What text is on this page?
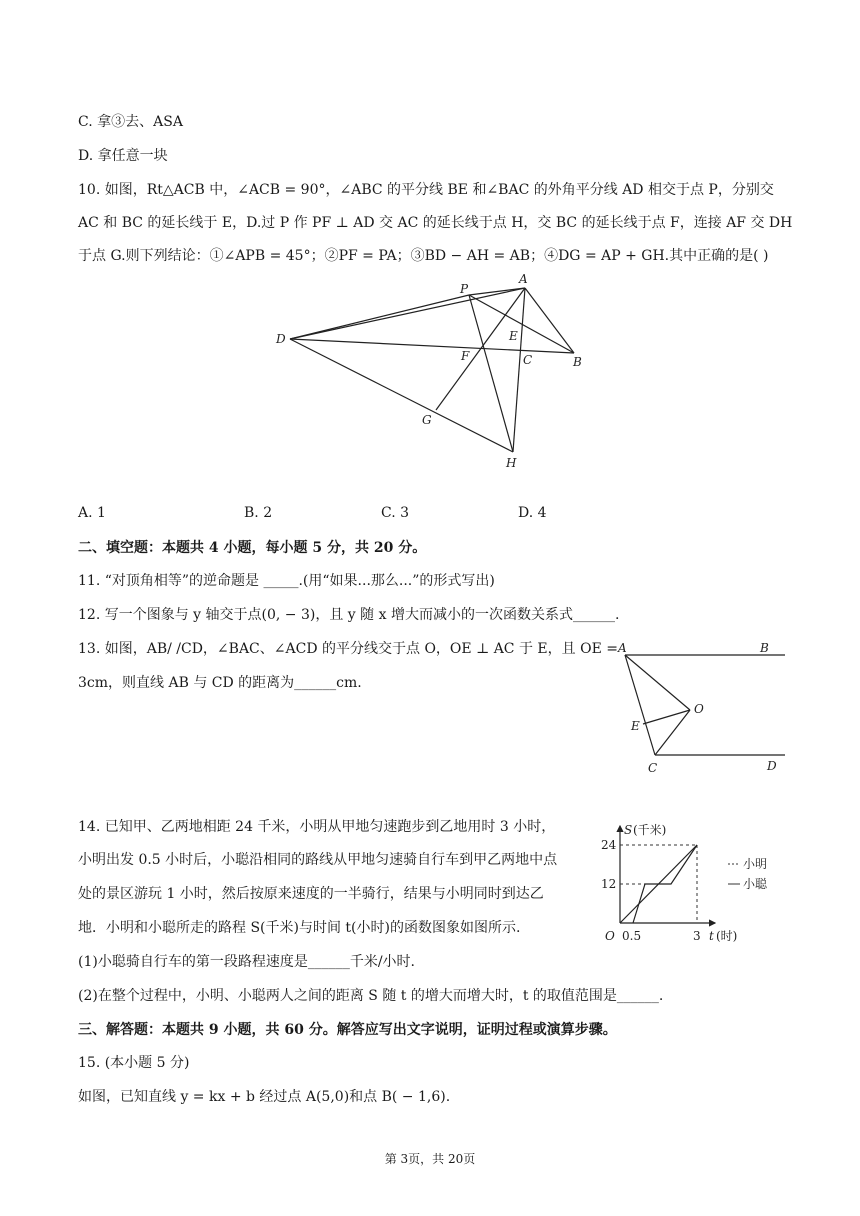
C. 拿③去、ASA
D. 拿任意一块
10. 如图，Rt△ACB 中，∠ACB = 90°，∠ABC 的平分线 BE 和∠BAC 的外角平分线 AD 相交于点 P，分别交
AC 和 BC 的延长线于 E，D.过 P 作 PF ⊥ AD 交 AC 的延长线于点 H，交 BC 的延长线于点 F，连接 AF 交 DH
于点 G.则下列结论：①∠APB = 45°；②PF = PA；③BD − AH = AB；④DG = AP + GH.其中正确的是( )
P
A
D	E
F	C	B
G
H
A. 1	B. 2	C. 3	D. 4
二、填空题：本题共 4 小题，每小题 5 分，共 20 分。
11. “对顶角相等”的逆命题是 _____.(用“如果...那么...”的形式写出)
12. 写一个图象与 y 轴交于点(0, − 3)，且 y 随 x 增大而减小的一次函数关系式______.
13. 如图，AB/ /CD，∠BAC、∠ACD 的平分线交于点 O，OE ⊥ AC 于 E，且 OE =
3cm，则直线 AB 与 CD 的距离为______cm.
A	B
O
E
C	D
14. 已知甲、乙两地相距 24 千米，小明从甲地匀速跑步到乙地用时 3 小时，
小明出发 0.5 小时后，小聪沿相同的路线从甲地匀速骑自行车到甲乙两地中点
处的景区游玩 1 小时，然后按原来速度的一半骑行，结果与小明同时到达乙
地．小明和小聪所走的路程 S(千米)与时间 t(小时)的函数图象如图所示.
S (千米)
24
12
O 0.5	3 t (时)
小明
小聪
(1)小聪骑自行车的第一段路程速度是______千米/小时.
(2)在整个过程中，小明、小聪两人之间的距离 S 随 t 的增大而增大时，t 的取值范围是______.
三、解答题：本题共 9 小题，共 60 分。解答应写出文字说明，证明过程或演算步骤。
15. (本小题 5 分)
如图，已知直线 y = kx + b 经过点 A(5,0)和点 B( − 1,6).
第 3页，共 20页
